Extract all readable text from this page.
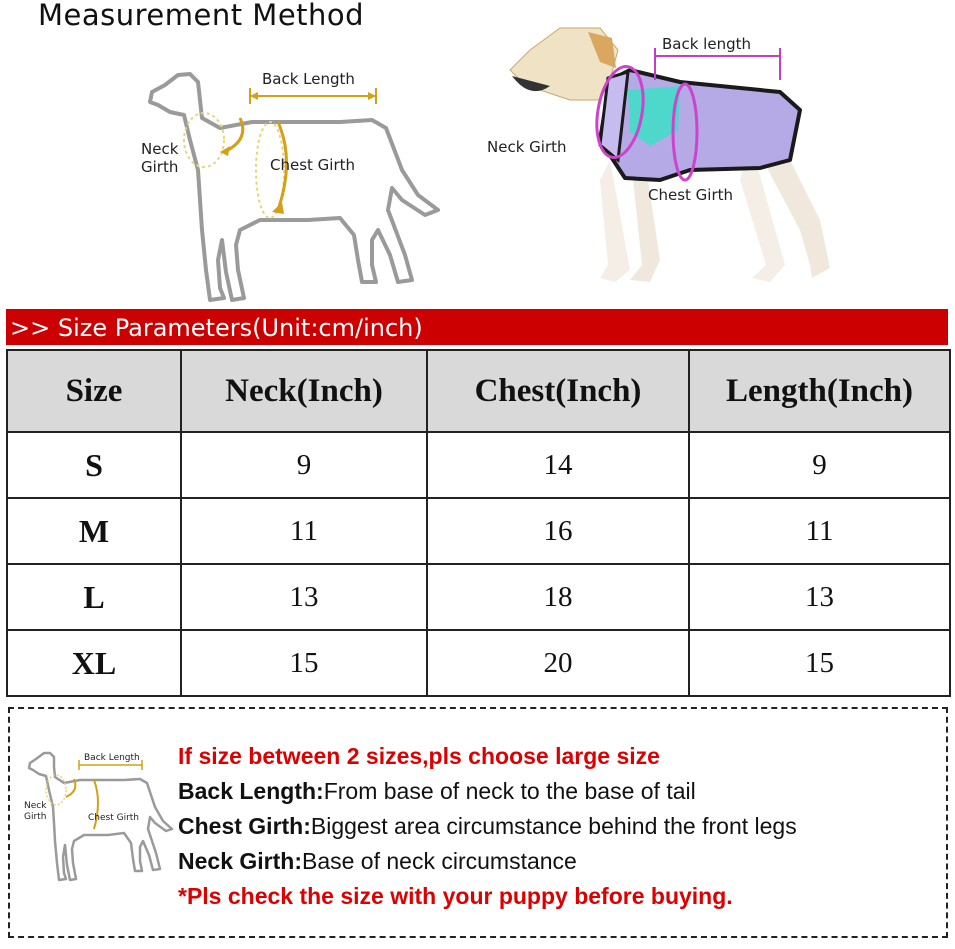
Measurement Method
Back Length
Neck Girth	Chest Girth
Back length
Neck Girth
Chest Girth
>> Size Parameters(Unit:cm/inch)
Size	Neck(Inch)	Chest(Inch)	Length(Inch)
S	9	14	9
M	11	16	11
L	13	18	13
XL	15	20	15
Back Length
Neck Girth	Chest Girth
If size between 2 sizes,pls choose large size
Back Length:From base of neck to the base of tail
Chest Girth:Biggest area circumstance behind the front legs
Neck Girth:Base of neck circumstance
*Pls check the size with your puppy before buying.
